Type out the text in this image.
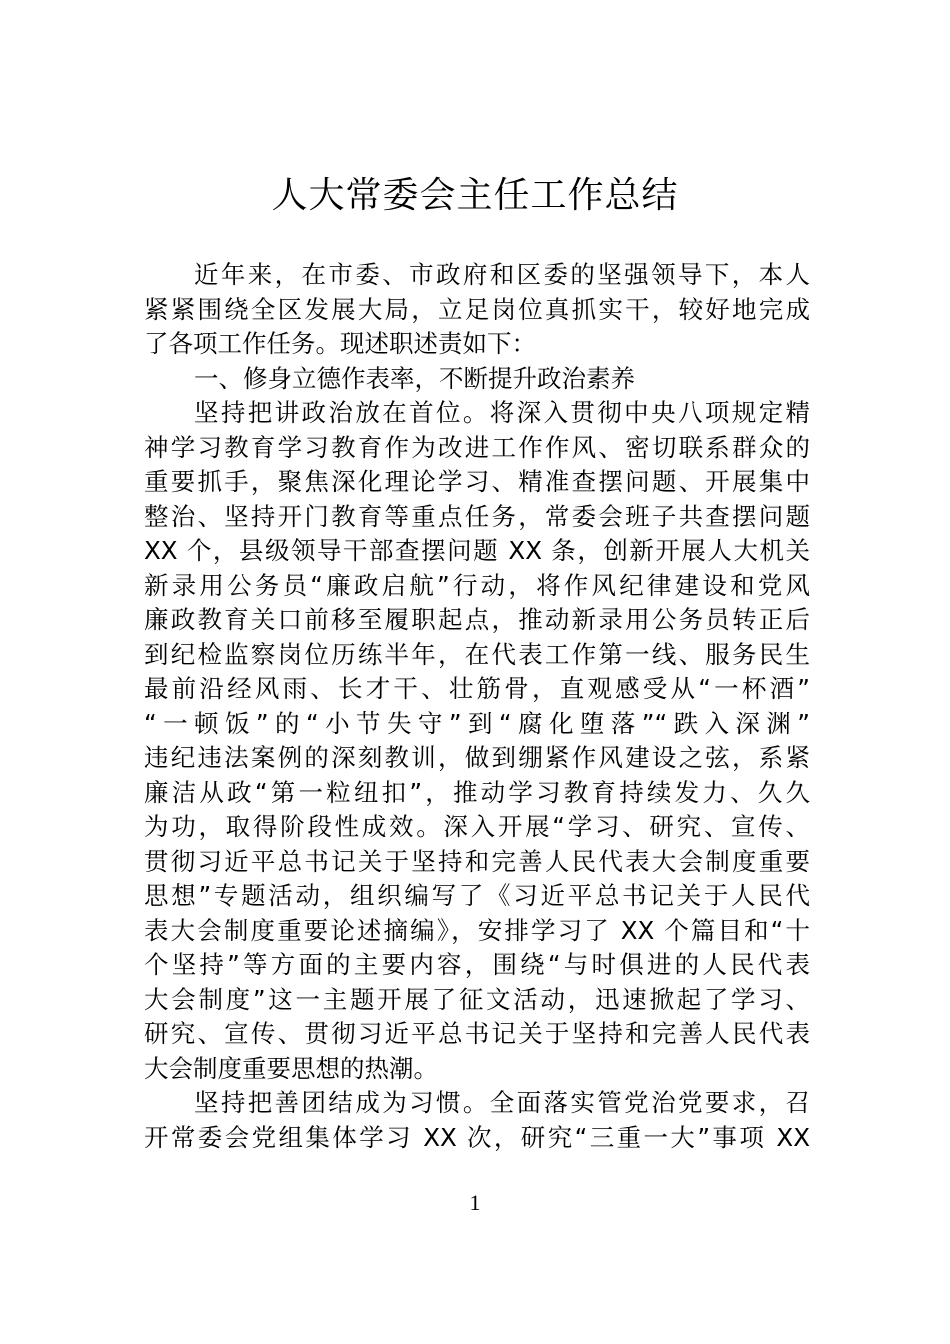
人大常委会主任工作总结
近年来，在市委、市政府和区委的坚强领导下，本人
紧紧围绕全区发展大局，立足岗位真抓实干，较好地完成
了各项工作任务。现述职述责如下：
一、修身立德作表率，不断提升政治素养
坚持把讲政治放在首位。将深入贯彻中央八项规定精
神学习教育学习教育作为改进工作作风、密切联系群众的
重要抓手，聚焦深化理论学习、精准查摆问题、开展集中
整治、坚持开门教育等重点任务，常委会班子共查摆问题
XX 个，县级领导干部查摆问题 XX 条，创新开展人大机关
新录用公务员“廉政启航”行动，将作风纪律建设和党风
廉政教育关口前移至履职起点，推动新录用公务员转正后
到纪检监察岗位历练半年，在代表工作第一线、服务民生
最前沿经风雨、长才干、壮筋骨，直观感受从“一杯酒”
“一顿饭”的“小节失守”到“腐化堕落”“跌入深渊”
违纪违法案例的深刻教训，做到绷紧作风建设之弦，系紧
廉洁从政“第一粒纽扣”，推动学习教育持续发力、久久
为功，取得阶段性成效。深入开展“学习、研究、宣传、
贯彻习近平总书记关于坚持和完善人民代表大会制度重要
思想”专题活动，组织编写了《习近平总书记关于人民代
表大会制度重要论述摘编》，安排学习了 XX 个篇目和“十
个坚持”等方面的主要内容，围绕“与时俱进的人民代表
大会制度”这一主题开展了征文活动，迅速掀起了学习、
研究、宣传、贯彻习近平总书记关于坚持和完善人民代表
大会制度重要思想的热潮。
坚持把善团结成为习惯。全面落实管党治党要求，召
开常委会党组集体学习 XX 次，研究“三重一大”事项 XX
1
